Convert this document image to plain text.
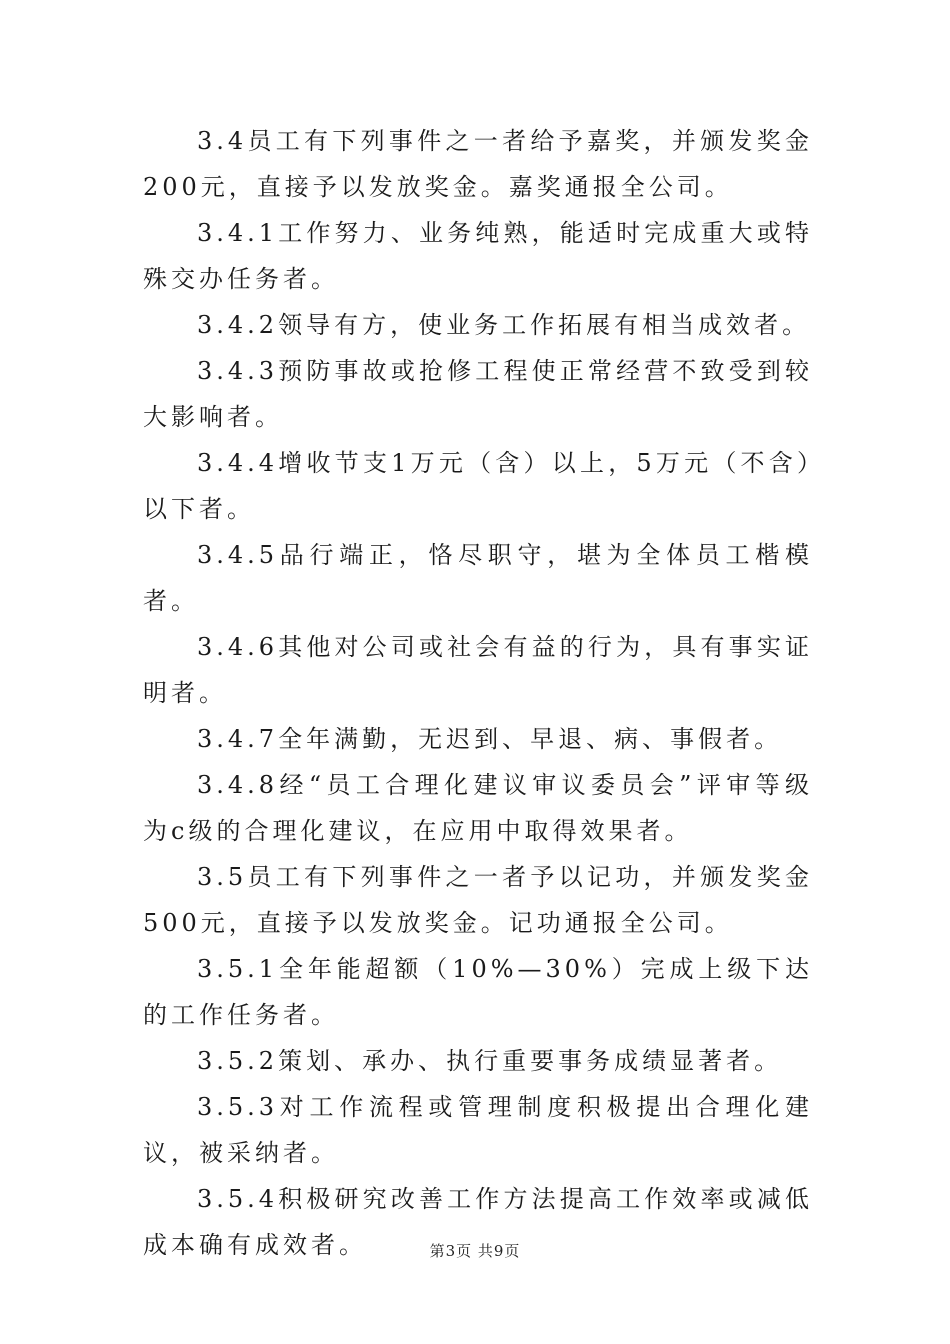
3.4员工有下列事件之一者给予嘉奖，并颁发奖金200元，直接予以发放奖金。嘉奖通报全公司。

3.4.1工作努力、业务纯熟，能适时完成重大或特殊交办任务者。

3.4.2领导有方，使业务工作拓展有相当成效者。

3.4.3预防事故或抢修工程使正常经营不致受到较大影响者。

3.4.4增收节支1万元（含）以上，5万元（不含）以下者。

3.4.5品行端正，恪尽职守，堪为全体员工楷模者。

3.4.6其他对公司或社会有益的行为，具有事实证明者。

3.4.7全年满勤，无迟到、早退、病、事假者。

3.4.8经“员工合理化建议审议委员会”评审等级为c级的合理化建议，在应用中取得效果者。

3.5员工有下列事件之一者予以记功，并颁发奖金500元，直接予以发放奖金。记功通报全公司。

3.5.1全年能超额（10%—30%）完成上级下达的工作任务者。

3.5.2策划、承办、执行重要事务成绩显著者。

3.5.3对工作流程或管理制度积极提出合理化建议，被采纳者。

3.5.4积极研究改善工作方法提高工作效率或减低成本确有成效者。	第3页 共9页
